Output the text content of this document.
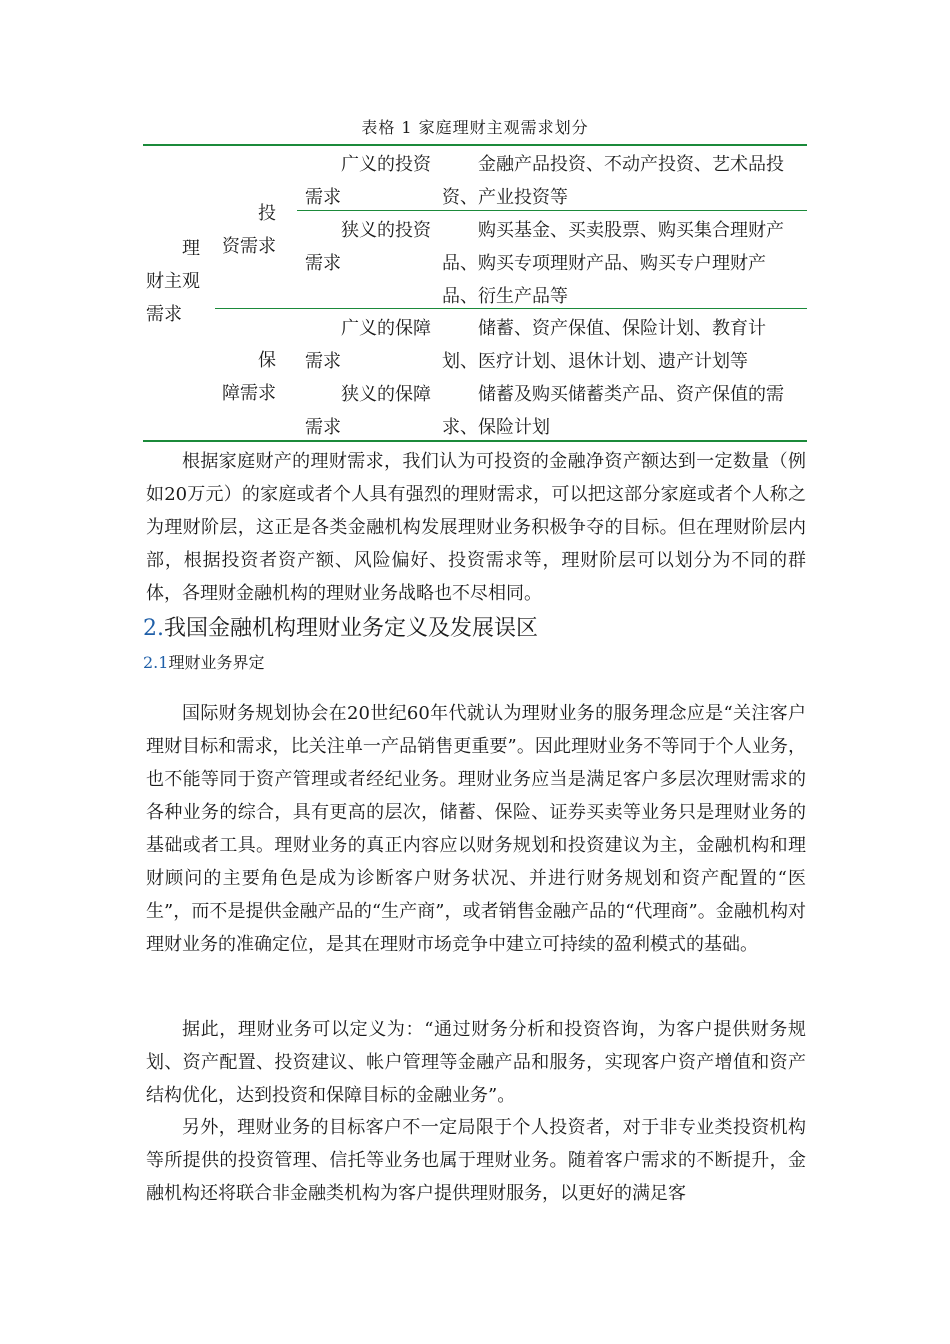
表格 1 家庭理财主观需求划分
理财主观需求
投资需求
广义的投资需求
金融产品投资、不动产投资、艺术品投资、产业投资等
狭义的投资需求
购买基金、买卖股票、购买集合理财产品、购买专项理财产品、购买专户理财产品、衍生产品等
保障需求
广义的保障需求
储蓄、资产保值、保险计划、教育计划、医疗计划、退休计划、遗产计划等
狭义的保障需求
储蓄及购买储蓄类产品、资产保值的需求、保险计划

根据家庭财产的理财需求，我们认为可投资的金融净资产额达到一定数量（例如20万元）的家庭或者个人具有强烈的理财需求，可以把这部分家庭或者个人称之为理财阶层，这正是各类金融机构发展理财业务积极争夺的目标。但在理财阶层内部，根据投资者资产额、风险偏好、投资需求等，理财阶层可以划分为不同的群体，各理财金融机构的理财业务战略也不尽相同。

2.我国金融机构理财业务定义及发展误区
2.1理财业务界定

国际财务规划协会在20世纪60年代就认为理财业务的服务理念应是“关注客户理财目标和需求，比关注单一产品销售更重要”。因此理财业务不等同于个人业务，也不能等同于资产管理或者经纪业务。理财业务应当是满足客户多层次理财需求的各种业务的综合，具有更高的层次，储蓄、保险、证券买卖等业务只是理财业务的基础或者工具。理财业务的真正内容应以财务规划和投资建议为主，金融机构和理财顾问的主要角色是成为诊断客户财务状况、并进行财务规划和资产配置的“医生”，而不是提供金融产品的“生产商”，或者销售金融产品的“代理商”。金融机构对理财业务的准确定位，是其在理财市场竞争中建立可持续的盈利模式的基础。

据此，理财业务可以定义为：“通过财务分析和投资咨询，为客户提供财务规划、资产配置、投资建议、帐户管理等金融产品和服务，实现客户资产增值和资产结构优化，达到投资和保障目标的金融业务”。

另外，理财业务的目标客户不一定局限于个人投资者，对于非专业类投资机构等所提供的投资管理、信托等业务也属于理财业务。随着客户需求的不断提升，金融机构还将联合非金融类机构为客户提供理财服务，以更好的满足客
